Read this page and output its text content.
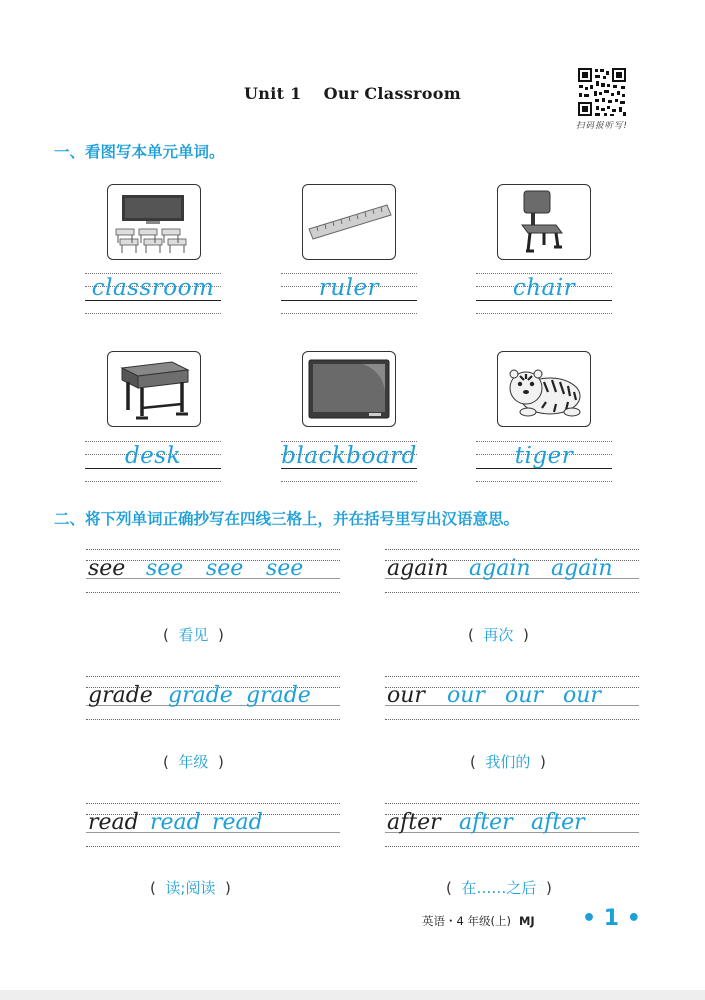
Unit 1 Our Classroom
扫码报听写!
一、看图写本单元单词。
classroom	ruler	chair
desk	blackboard	tiger
二、将下列单词正确抄写在四线三格上，并在括号里写出汉语意思。
see see see see	again again again
( 看见 )	( 再次 )
grade grade grade	our our our our
( 年级 )	( 我们的 )
read read read	after after after
( 读;阅读 )	( 在……之后 )
英语・4 年级(上) MJ • 1 •
